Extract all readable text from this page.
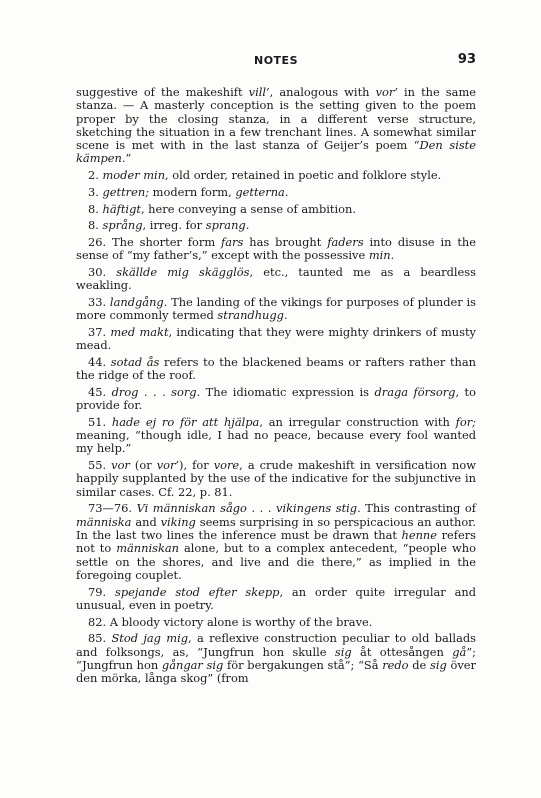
NOTES	93

suggestive of the makeshift vill’, analogous with vor’ in the same stanza. — A masterly conception is the setting given to the poem proper by the closing stanza, in a different verse structure, sketching the situation in a few trenchant lines. A somewhat similar scene is met with in the last stanza of Geijer’s poem “Den siste kämpen.”

2. moder min, old order, retained in poetic and folklore style.

3. gettren; modern form, getterna.

8. häftigt, here conveying a sense of ambition.

8. språng, irreg. for sprang.

26. The shorter form fars has brought faders into disuse in the sense of “my father’s,” except with the possessive min.

30. skällde mig skägglös, etc., taunted me as a beardless weakling.

33. landgång. The landing of the vikings for purposes of plunder is more commonly termed strandhugg.

37. med makt, indicating that they were mighty drinkers of musty mead.

44. sotad ås refers to the blackened beams or rafters rather than the ridge of the roof.

45. drog . . . sorg. The idiomatic expression is draga försorg, to provide for.

51. hade ej ro för att hjälpa, an irregular construction with for; meaning, “though idle, I had no peace, because every fool wanted my help.”

55. vor (or vor’), for vore, a crude makeshift in versification now happily supplanted by the use of the indicative for the subjunctive in similar cases. Cf. 22, p. 81.

73—76. Vi människan sågo . . . vikingens stig. This contrasting of människa and viking seems surprising in so perspicacious an author. In the last two lines the inference must be drawn that henne refers not to människan alone, but to a complex antecedent, “people who settle on the shores, and live and die there,” as implied in the foregoing couplet.

79. spejande stod efter skepp, an order quite irregular and unusual, even in poetry.

82. A bloody victory alone is worthy of the brave.

85. Stod jag mig, a reflexive construction peculiar to old ballads and folksongs, as, “Jungfrun hon skulle sig åt ottesången gå”; “Jungfrun hon gångar sig för bergakungen stå”; “Så redo de sig över den mörka, långa skog” (from
